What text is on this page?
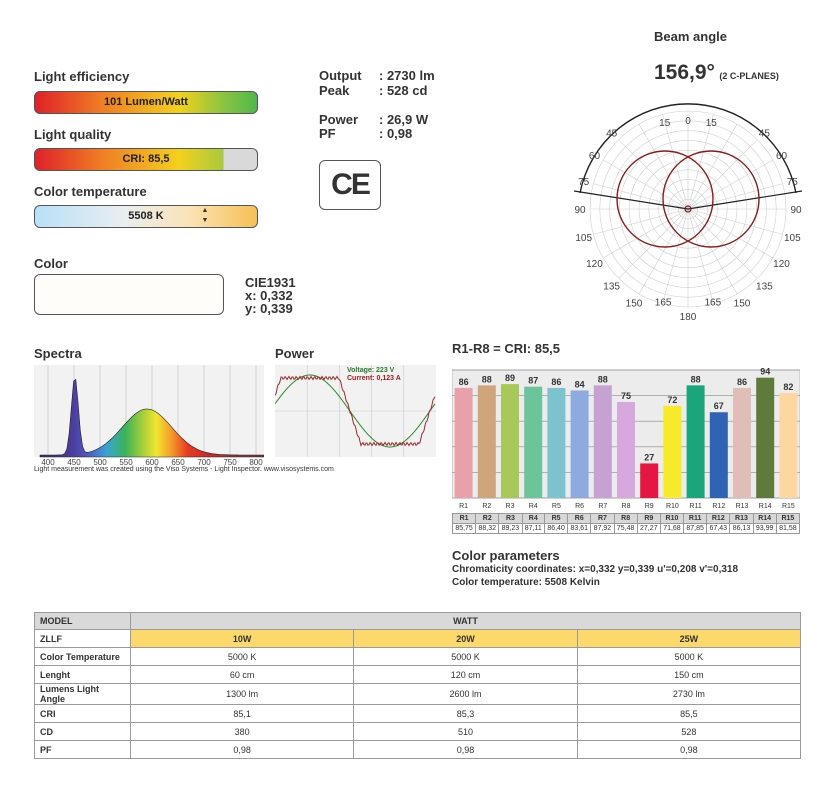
Light efficiency
101 Lumen/Watt
Light quality
CRI: 85,5
Color temperature
5508 K	▲
▼
Color
CIE1931
x: 0,332
y: 0,339
Output : 2730 lm
Peak : 528 cd
Power : 26,9 W
PF	: 0,98
CE
Beam angle
156,9° (2 C-PLANES)
0
180
15	15
45	45
60	60
75	75
90	90
105	105
120	120
135	135
150	150
165	165
Spectra
400 450 500 550 600 650 700 750 800
Power
Voltage: 223 V
Current: 0,123 A
Light measurement was created using the Viso Systems - Light Inspector. www.visosystems.com
R1-R8 = CRI: 85,5
86
R1
88
R2
89
R3
87
R4
86
R5
84
R6
88
R7
75
R8
27
R9
72
R10
88
R11
67
R12
86
R13
94
R14
82
R15
R1	R2	R3	R4	R5	R6	R7	R8	R9	R10	R11	R12	R13	R14	R15
85,75	88,32	89,23	87,11	86,40	83,61	87,92	75,48	27,27	71,68	87,85	67,43	86,13	93,99	81,58
Color parameters
Chromaticity coordinates: x=0,332 y=0,339 u'=0,208 v'=0,318
Color temperature: 5508 Kelvin
MODEL	WATT		
ZLLF	10W	20W	25W
Color Temperature	5000 K	5000 K	5000 K
Lenght	60 cm	120 cm	150 cm
Lumens Light Angle	1300 lm	2600 lm	2730 lm
CRI	85,1	85,3	85,5
CD	380	510	528
PF	0,98	0,98	0,98
